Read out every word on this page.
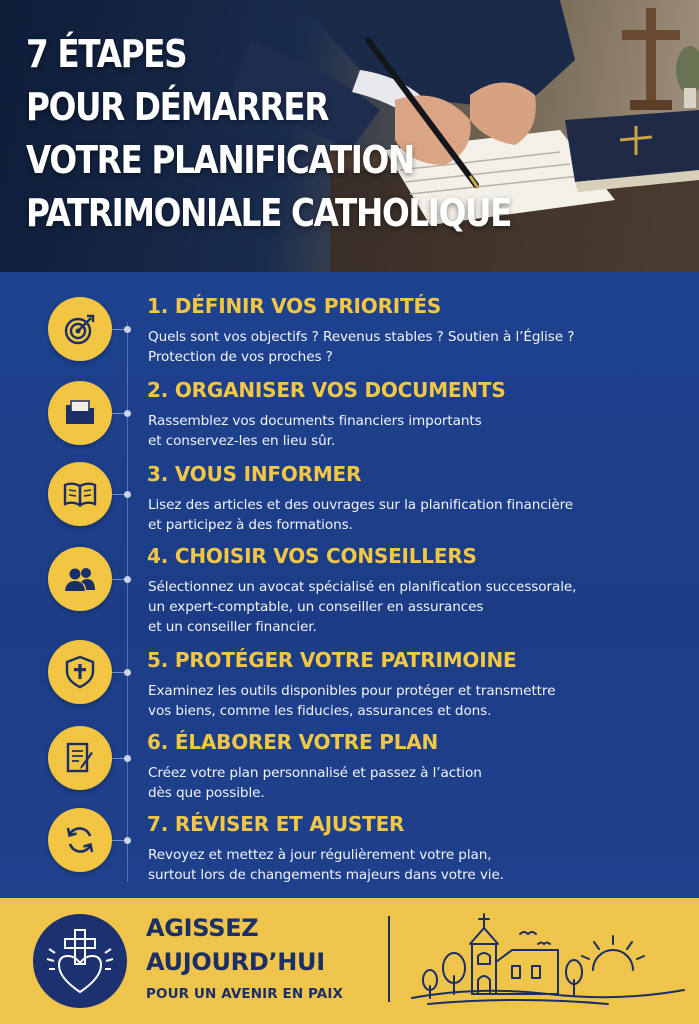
7 ÉTAPES
POUR DÉMARRER
VOTRE PLANIFICATION
PATRIMONIALE CATHOLIQUE
1. DÉFINIR VOS PRIORITÉS
Quels sont vos objectifs ? Revenus stables ? Soutien à l’Église ?
Protection de vos proches ?
2. ORGANISER VOS DOCUMENTS
Rassemblez vos documents financiers importants
et conservez-les en lieu sûr.
3. VOUS INFORMER
Lisez des articles et des ouvrages sur la planification financière
et participez à des formations.
4. CHOISIR VOS CONSEILLERS
Sélectionnez un avocat spécialisé en planification successorale,
un expert-comptable, un conseiller en assurances
et un conseiller financier.
5. PROTÉGER VOTRE PATRIMOINE
Examinez les outils disponibles pour protéger et transmettre
vos biens, comme les fiducies, assurances et dons.
6. ÉLABORER VOTRE PLAN
Créez votre plan personnalisé et passez à l’action
dès que possible.
7. RÉVISER ET AJUSTER
Revoyez et mettez à jour régulièrement votre plan,
surtout lors de changements majeurs dans votre vie.
AGISSEZ
AUJOURD’HUI
POUR UN AVENIR EN PAIX
